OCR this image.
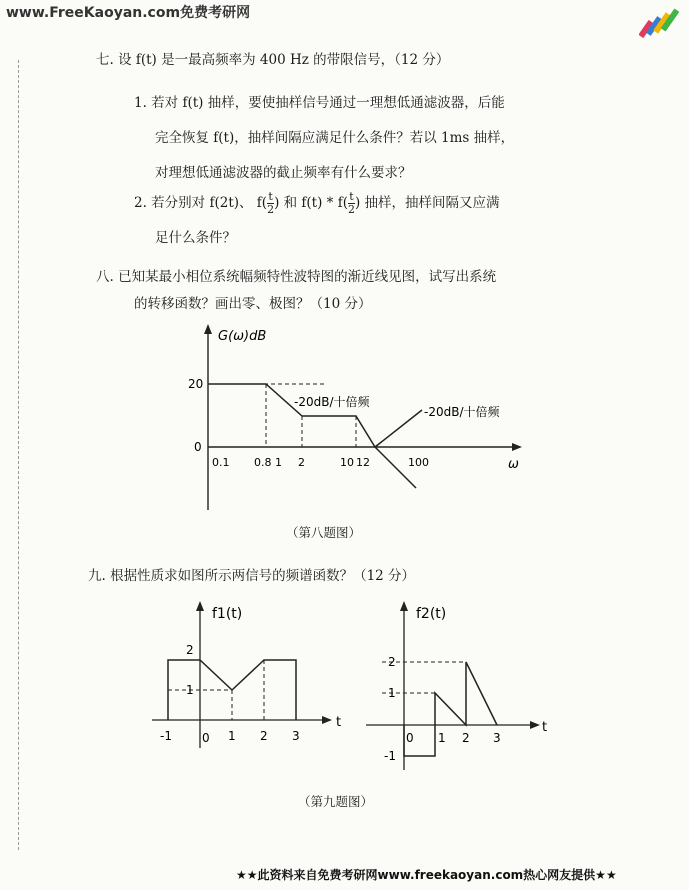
www.FreeKaoyan.com免费考研网
七. 设 f(t) 是一最高频率为 400 Hz 的带限信号，（12 分）
1. 若对 f(t) 抽样，要使抽样信号通过一理想低通滤波器，后能
完全恢复 f(t)，抽样间隔应满足什么条件？若以 1ms 抽样，
对理想低通滤波器的截止频率有什么要求？
2. 若分别对 f(2t)、 $f( \frac{t}{2}$ ) 和 $f(t) * f( \frac{t}{2}$ ) 抽样，抽样间隔又应满
足什么条件？
八. 已知某最小相位系统幅频特性波特图的渐近线见图，试写出系统
的转移函数？画出零、极图？（10 分）
20
0
0.1 0.8 1 2	10 12	100
G(ω)dB
ω
-20dB/十倍频
-20dB/十倍频
（第八题图）
九. 根据性质求如图所示两信号的频谱函数？（12 分）
f1(t)
t
2
1
-1	0 1 2 3
f2(t)
t
2
1
-1
0 1 2 3
（第九题图）
★★此资料来自免费考研网www.freekaoyan.com热心网友提供★★
